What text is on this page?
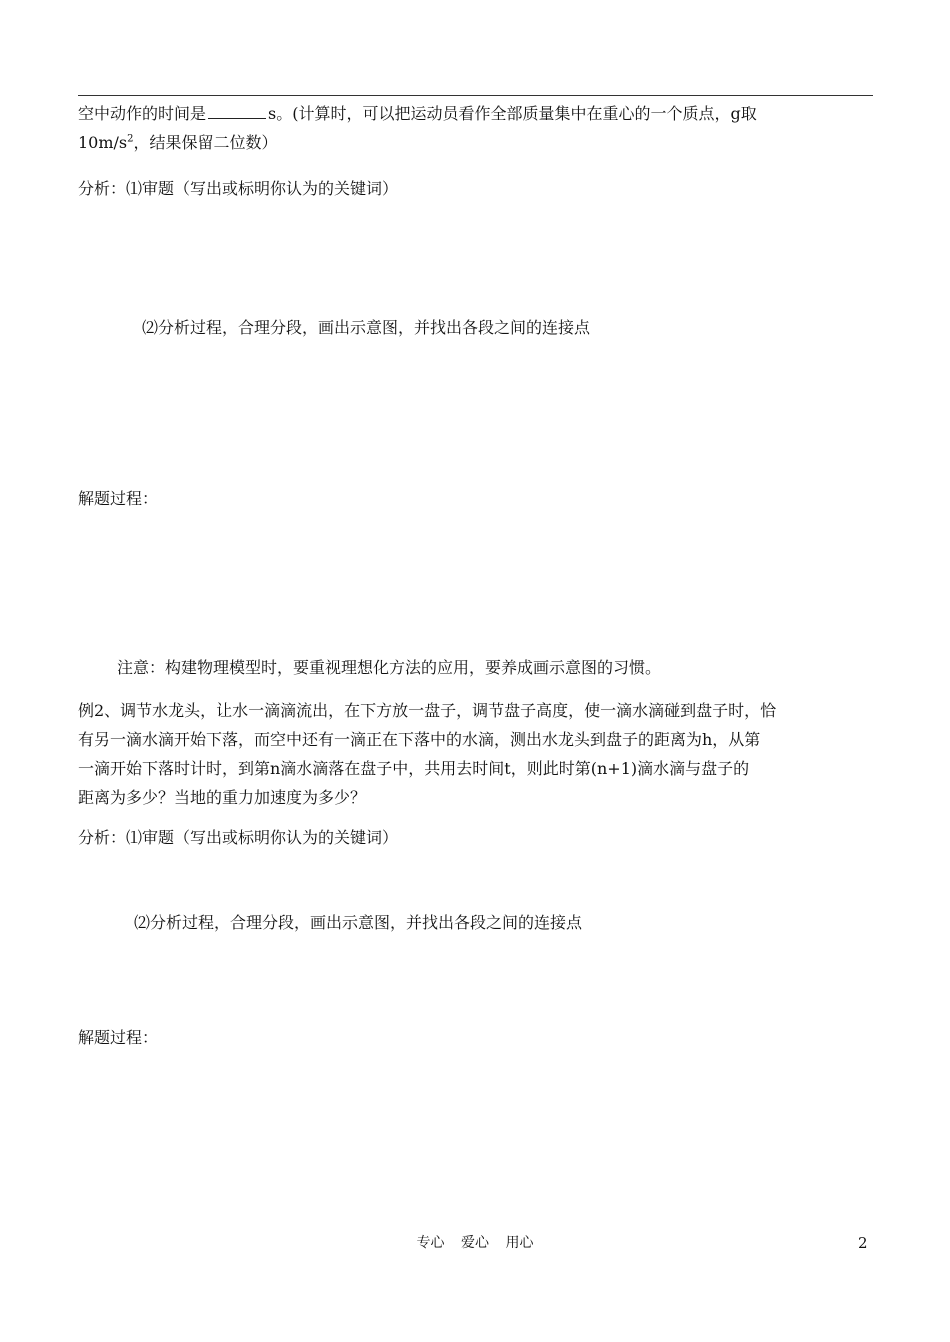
空中动作的时间是	s。(计算时，可以把运动员看作全部质量集中在重心的一个质点，g取
$10m/s^2$，结果保留二位数）
分析：⑴审题（写出或标明你认为的关键词）
⑵分析过程，合理分段，画出示意图，并找出各段之间的连接点
解题过程：
注意：构建物理模型时，要重视理想化方法的应用，要养成画示意图的习惯。
例2、调节水龙头，让水一滴滴流出，在下方放一盘子，调节盘子高度，使一滴水滴碰到盘子时，恰
有另一滴水滴开始下落，而空中还有一滴正在下落中的水滴，测出水龙头到盘子的距离为h，从第
一滴开始下落时计时，到第n滴水滴落在盘子中，共用去时间t，则此时第(n+1)滴水滴与盘子的
距离为多少？当地的重力加速度为多少？
分析：⑴审题（写出或标明你认为的关键词）
⑵分析过程，合理分段，画出示意图，并找出各段之间的连接点
解题过程：
专心 爱心 用心	2
